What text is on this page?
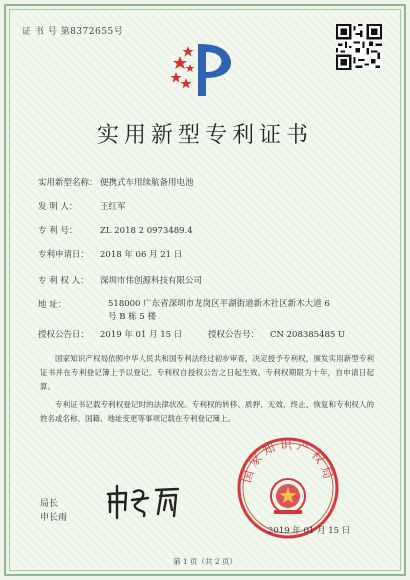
证 书 号 第8372655号
实用新型专利证书
实用新型名称： 便携式车用续航备用电池
发 明 人：	王红军
专 利 号：	ZL 2018 2 0973489.4
专利申请日： 2018 年 06 月 21 日
专 利 权 人： 深圳市伟创源科技有限公司
地 址：	518000 广东省深圳市龙岗区平湖街道新木社区新木大道 6 号 B 栋 5 楼
授权公告日： 2019 年 01 月 15 日	授权公告号： CN 208385485 U
国家知识产权局依照中华人民共和国专利法经过初步审查，决定授予专利权，颁发实用新型专利证书并在专利登记簿上予以登记。专利权自授权公告之日起生效。专利权期限为十年，自申请日起算。
专利证书记载专利权登记时的法律状况。专利权的转移、质押、无效、终止、恢复和专利权人的姓名或名称、国籍、地址变更等事项记载在专利登记簿上。
局长
申长雨
国家知识产权局
2019 年 01 月 15 日
第 1 页（共 2 页）
